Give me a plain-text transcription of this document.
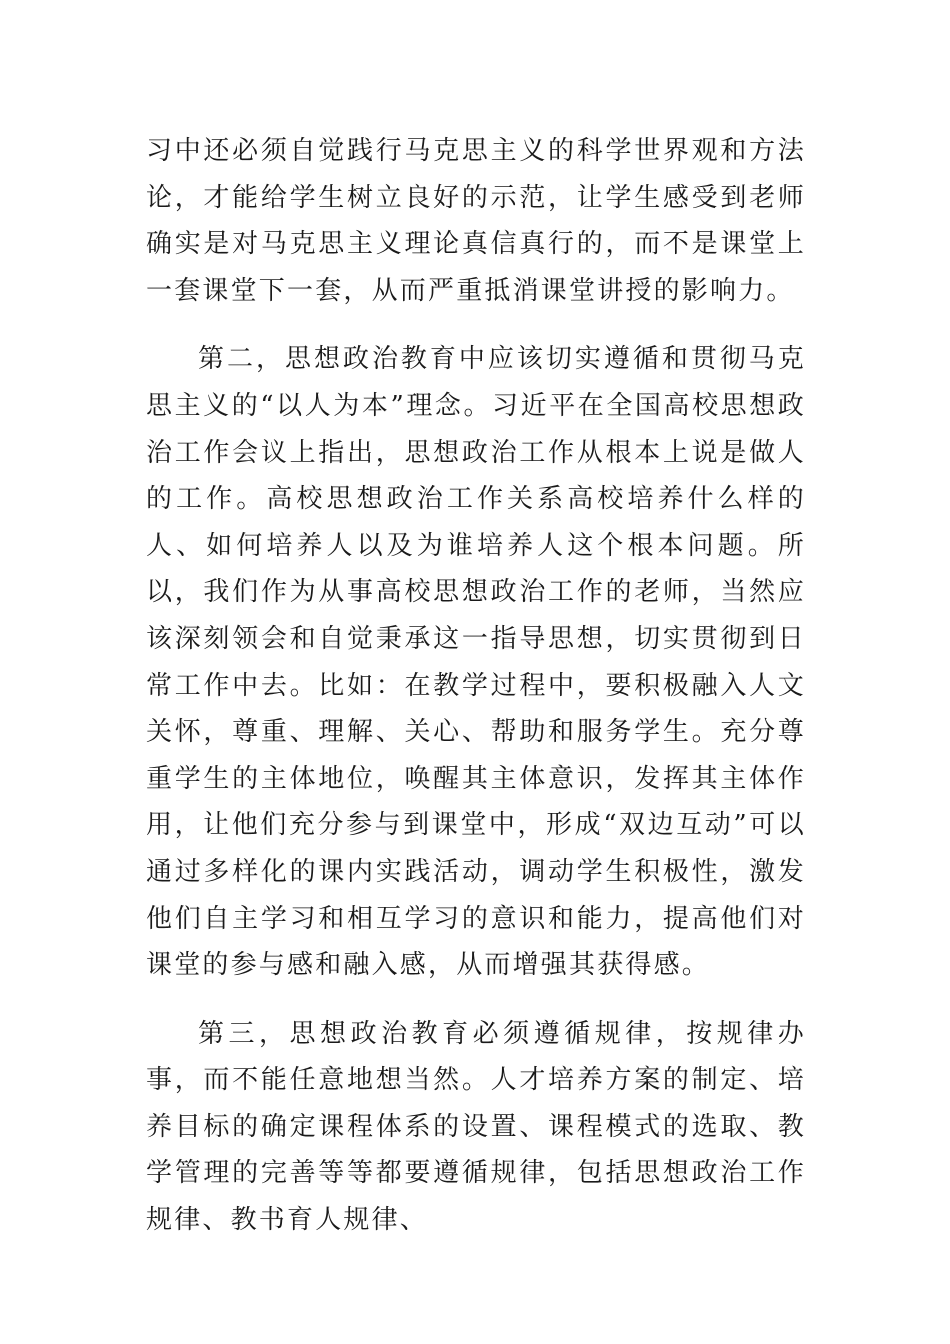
习中还必须自觉践行马克思主义的科学世界观和方法论，才能给学生树立良好的示范，让学生感受到老师确实是对马克思主义理论真信真行的，而不是课堂上一套课堂下一套，从而严重抵消课堂讲授的影响力。

第二，思想政治教育中应该切实遵循和贯彻马克思主义的“以人为本”理念。习近平在全国高校思想政治工作会议上指出，思想政治工作从根本上说是做人的工作。高校思想政治工作关系高校培养什么样的人、如何培养人以及为谁培养人这个根本问题。所以，我们作为从事高校思想政治工作的老师，当然应该深刻领会和自觉秉承这一指导思想，切实贯彻到日常工作中去。比如：在教学过程中，要积极融入人文关怀，尊重、理解、关心、帮助和服务学生。充分尊重学生的主体地位，唤醒其主体意识，发挥其主体作用，让他们充分参与到课堂中，形成“双边互动”可以通过多样化的课内实践活动，调动学生积极性，激发他们自主学习和相互学习的意识和能力，提高他们对课堂的参与感和融入感，从而增强其获得感。

第三，思想政治教育必须遵循规律，按规律办事，而不能任意地想当然。人才培养方案的制定、培养目标的确定课程体系的设置、课程模式的选取、教学管理的完善等等都要遵循规律，包括思想政治工作规律、教书育人规律、
